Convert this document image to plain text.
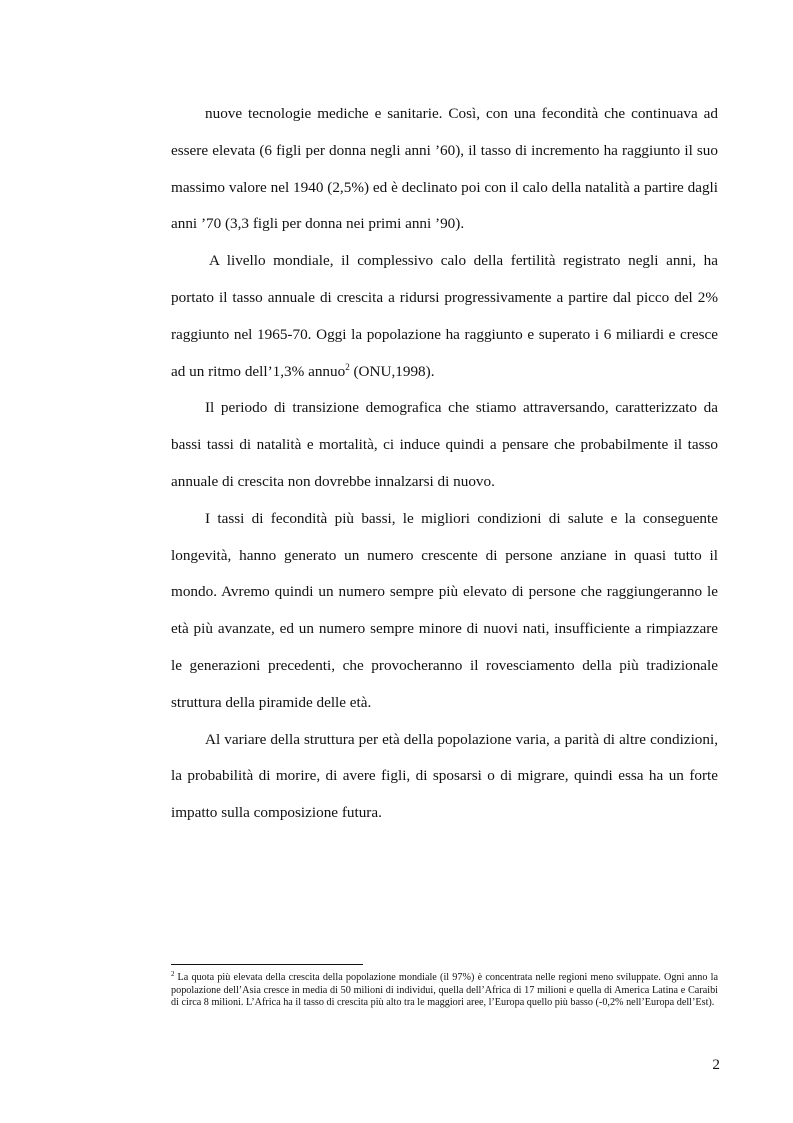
nuove tecnologie mediche e sanitarie. Così, con una fecondità che continuava ad essere elevata (6 figli per donna negli anni ’60), il tasso di incremento ha raggiunto il suo massimo valore nel 1940 (2,5%) ed è declinato poi con il calo della natalità a partire dagli anni ’70 (3,3 figli per donna nei primi anni ’90).

A livello mondiale, il complessivo calo della fertilità registrato negli anni, ha portato il tasso annuale di crescita a ridursi progressivamente a partire dal picco del 2% raggiunto nel 1965-70. Oggi la popolazione ha raggiunto e superato i 6 miliardi e cresce ad un ritmo dell’1,3% annuo$^2$ (ONU,1998).

Il periodo di transizione demografica che stiamo attraversando, caratterizzato da bassi tassi di natalità e mortalità, ci induce quindi a pensare che probabilmente il tasso annuale di crescita non dovrebbe innalzarsi di nuovo.

I tassi di fecondità più bassi, le migliori condizioni di salute e la conseguente longevità, hanno generato un numero crescente di persone anziane in quasi tutto il mondo. Avremo quindi un numero sempre più elevato di persone che raggiungeranno le età più avanzate, ed un numero sempre minore di nuovi nati, insufficiente a rimpiazzare le generazioni precedenti, che provocheranno il rovesciamento della più tradizionale struttura della piramide delle età.

Al variare della struttura per età della popolazione varia, a parità di altre condizioni, la probabilità di morire, di avere figli, di sposarsi o di migrare, quindi essa ha un forte impatto sulla composizione futura.

$^2$ La quota più elevata della crescita della popolazione mondiale (il 97%) è concentrata nelle regioni meno sviluppate. Ogni anno la popolazione dell’Asia cresce in media di 50 milioni di individui, quella dell’Africa di 17 milioni e quella di America Latina e Caraibi di circa 8 milioni. L’Africa ha il tasso di crescita più alto tra le maggiori aree, l’Europa quello più basso (-0,2% nell’Europa dell’Est).
2
